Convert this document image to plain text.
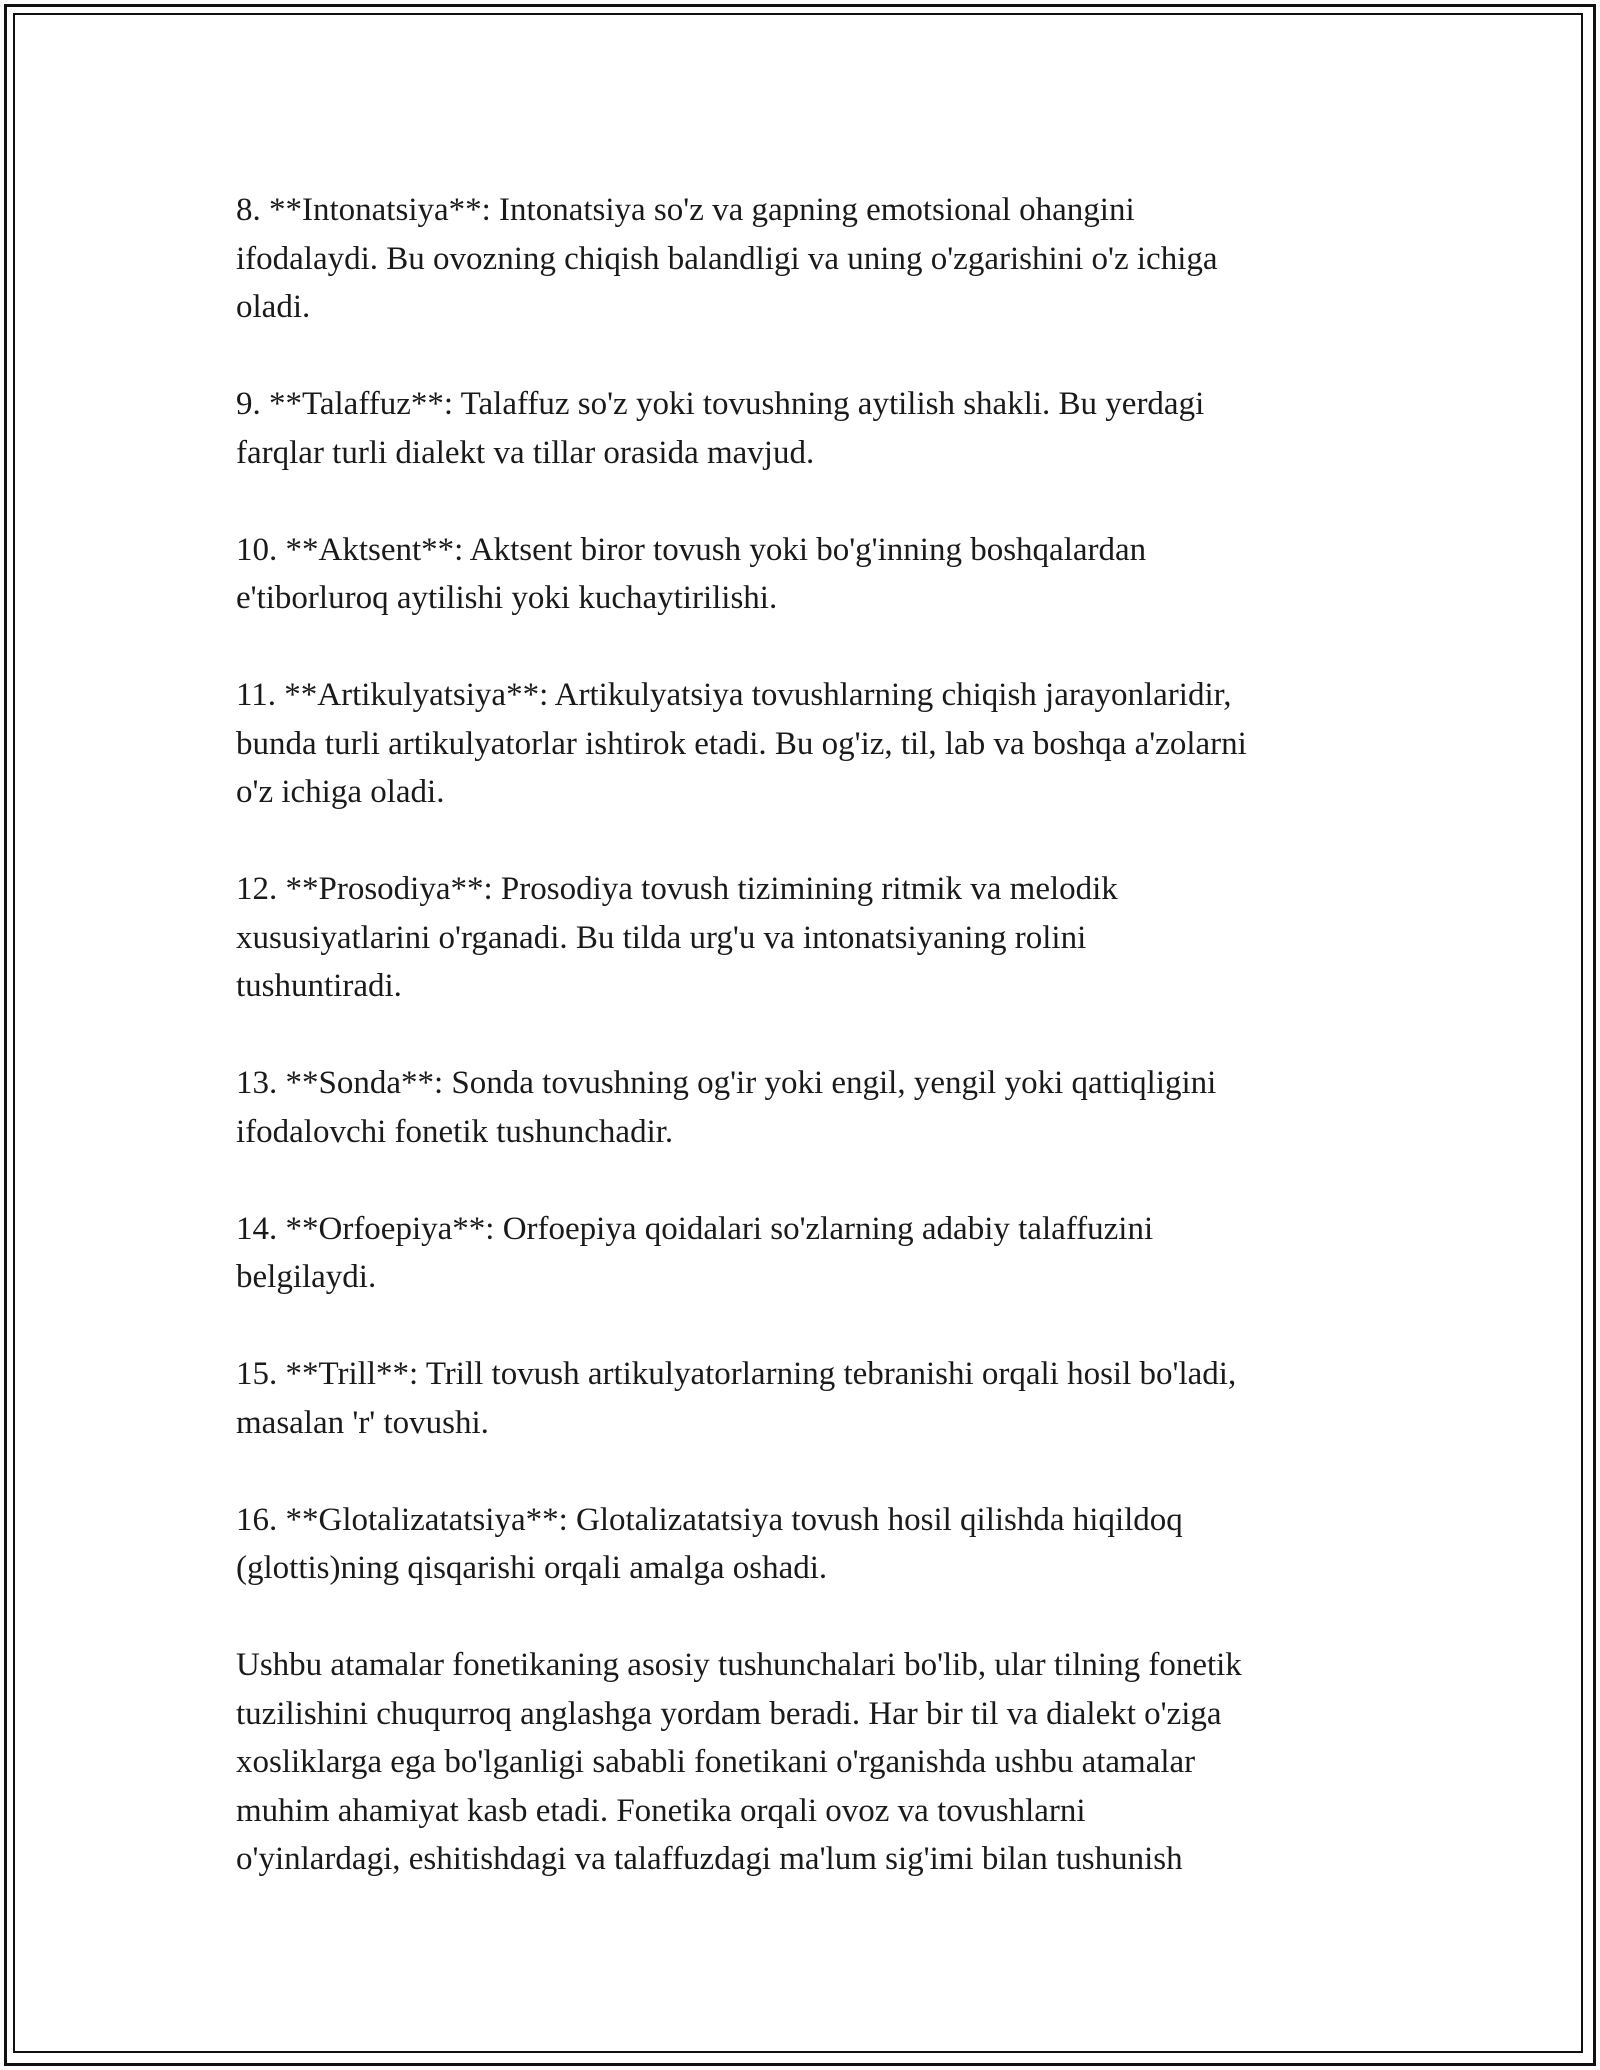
8. **Intonatsiya**: Intonatsiya so'z va gapning emotsional ohangini
ifodalaydi. Bu ovozning chiqish balandligi va uning o'zgarishini o'z ichiga
oladi.

9. **Talaffuz**: Talaffuz so'z yoki tovushning aytilish shakli. Bu yerdagi
farqlar turli dialekt va tillar orasida mavjud.

10. **Aktsent**: Aktsent biror tovush yoki bo'g'inning boshqalardan
e'tiborluroq aytilishi yoki kuchaytirilishi.

11. **Artikulyatsiya**: Artikulyatsiya tovushlarning chiqish jarayonlaridir,
bunda turli artikulyatorlar ishtirok etadi. Bu og'iz, til, lab va boshqa a'zolarni
o'z ichiga oladi.

12. **Prosodiya**: Prosodiya tovush tizimining ritmik va melodik
xususiyatlarini o'rganadi. Bu tilda urg'u va intonatsiyaning rolini
tushuntiradi.

13. **Sonda**: Sonda tovushning og'ir yoki engil, yengil yoki qattiqligini
ifodalovchi fonetik tushunchadir.

14. **Orfoepiya**: Orfoepiya qoidalari so'zlarning adabiy talaffuzini
belgilaydi.

15. **Trill**: Trill tovush artikulyatorlarning tebranishi orqali hosil bo'ladi,
masalan 'r' tovushi.

16. **Glotalizatatsiya**: Glotalizatatsiya tovush hosil qilishda hiqildoq
(glottis)ning qisqarishi orqali amalga oshadi.

Ushbu atamalar fonetikaning asosiy tushunchalari bo'lib, ular tilning fonetik
tuzilishini chuqurroq anglashga yordam beradi. Har bir til va dialekt o'ziga
xosliklarga ega bo'lganligi sababli fonetikani o'rganishda ushbu atamalar
muhim ahamiyat kasb etadi. Fonetika orqali ovoz va tovushlarni
o'yinlardagi, eshitishdagi va talaffuzdagi ma'lum sig'imi bilan tushunish
